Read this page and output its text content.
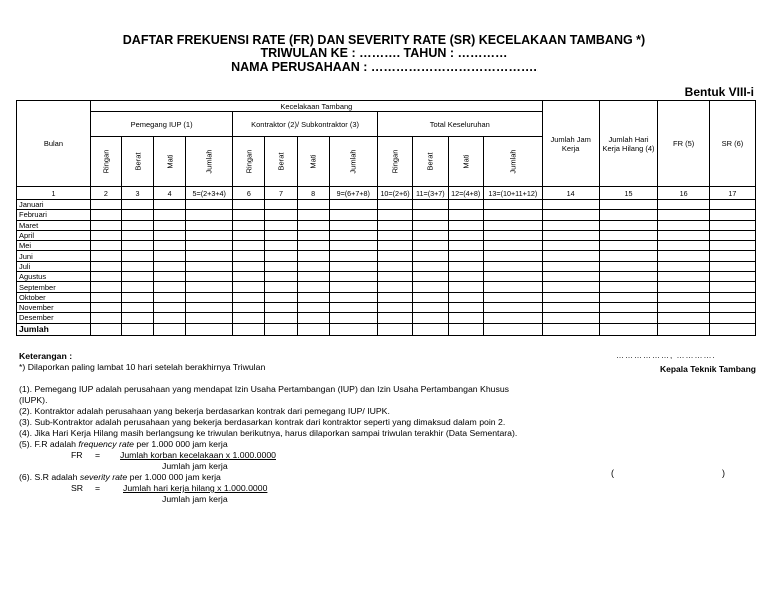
DAFTAR FREKUENSI RATE (FR) DAN SEVERITY RATE (SR) KECELAKAAN TAMBANG *)
TRIWULAN KE : ………. TAHUN : …………
NAMA PERUSAHAAN : ………………………………….
Bentuk VIII-i
Bulan	Kecelakaan Tambang												Jumlah Jam Kerja	Jumlah Hari Kerja Hilang (4)	FR (5)	SR (6)
	Pemegang IUP (1)				Kontraktor (2)/ Subkontraktor (3)				Total Keseluruhan							
	Ringan	Berat	Mati	Jumlah	Ringan	Berat	Mati	Jumlah	Ringan	Berat	Mati	Jumlah				
1	2	3	4	5=(2+3+4)	6	7	8	9=(6+7+8)	10=(2+6)	11=(3+7)	12=(4+8)	13=(10+11+12)	14	15	16	17
Januari																
Februari																
Maret																
April																
Mei																
Juni																
Juli																
Agustus																
September																
Oktober																
November																
Desember																
Jumlah																

Keterangan :

*) Dilaporkan paling lambat 10 hari setelah berakhirnya Triwulan

(1). Pemegang IUP adalah perusahaan yang mendapat Izin Usaha Pertambangan (IUP) dan Izin Usaha Pertambangan Khusus (IUPK).

(2). Kontraktor adalah perusahaan yang bekerja berdasarkan kontrak dari pemegang IUP/ IUPK.

(3). Sub-Kontraktor adalah perusahaan yang bekerja berdasarkan kontrak dari kontraktor seperti yang dimaksud dalam poin 2.

(4). Jika Hari Kerja Hilang masih berlangsung ke triwulan berikutnya, harus dilaporkan sampai triwulan terakhir (Data Sementara).

(5). F.R adalah frequency rate per 1.000 000 jam kerja

FR = Jumlah korban kecelakaan x 1.000.0000
Jumlah jam kerja

(6). S.R adalah severity rate per 1.000 000 jam kerja

SR =	Jumlah hari kerja hilang x 1.000.0000
Jumlah jam kerja
………………, ………….
Kepala Teknik Tambang
(	)
